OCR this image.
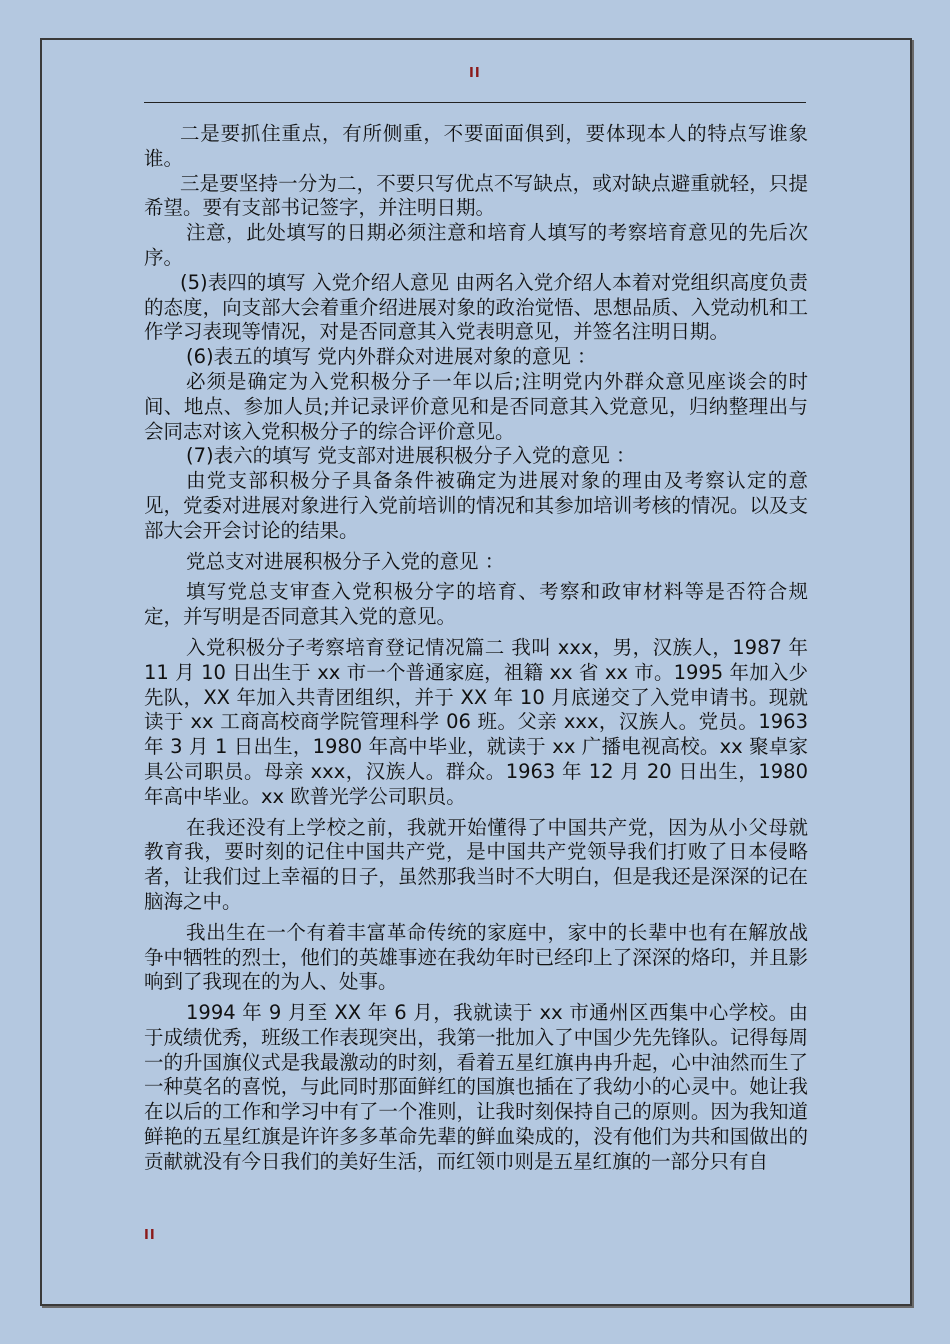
II

二是要抓住重点，有所侧重，不要面面俱到，要体现本人的特点写谁象谁。

三是要坚持一分为二，不要只写优点不写缺点，或对缺点避重就轻，只提希望。要有支部书记签字，并注明日期。

注意，此处填写的日期必须注意和培育人填写的考察培育意见的先后次序。

(5)表四的填写 入党介绍人意见 由两名入党介绍人本着对党组织高度负责的态度，向支部大会着重介绍进展对象的政治觉悟、思想品质、入党动机和工作学习表现等情况，对是否同意其入党表明意见，并签名注明日期。

(6)表五的填写 党内外群众对进展对象的意见 ：

必须是确定为入党积极分子一年以后;注明党内外群众意见座谈会的时间、地点、参加人员;并记录评价意见和是否同意其入党意见，归纳整理出与会同志对该入党积极分子的综合评价意见。

(7)表六的填写 党支部对进展积极分子入党的意见 ：

由党支部积极分子具备条件被确定为进展对象的理由及考察认定的意见，党委对进展对象进行入党前培训的情况和其参加培训考核的情况。以及支部大会开会讨论的结果。

党总支对进展积极分子入党的意见 ：

填写党总支审查入党积极分字的培育、考察和政审材料等是否符合规定，并写明是否同意其入党的意见。

入党积极分子考察培育登记情况篇二 我叫 xxx，男，汉族人，1987 年 11 月 10 日出生于 xx 市一个普通家庭，祖籍 xx 省 xx 市。1995 年加入少先队，XX 年加入共青团组织，并于 XX 年 10 月底递交了入党申请书。现就读于 xx 工商高校商学院管理科学 06 班。父亲 xxx，汉族人。党员。1963 年 3 月 1 日出生，1980 年高中毕业，就读于 xx 广播电视高校。xx 聚卓家具公司职员。母亲 xxx，汉族人。群众。1963 年 12 月 20 日出生，1980 年高中毕业。xx 欧普光学公司职员。

在我还没有上学校之前，我就开始懂得了中国共产党，因为从小父母就教育我，要时刻的记住中国共产党，是中国共产党领导我们打败了日本侵略者，让我们过上幸福的日子，虽然那我当时不大明白，但是我还是深深的记在脑海之中。

我出生在一个有着丰富革命传统的家庭中，家中的长辈中也有在解放战争中牺牲的烈士，他们的英雄事迹在我幼年时已经印上了深深的烙印，并且影响到了我现在的为人、处事。

1994 年 9 月至 XX 年 6 月，我就读于 xx 市通州区西集中心学校。由于成绩优秀，班级工作表现突出，我第一批加入了中国少先先锋队。记得每周一的升国旗仪式是我最激动的时刻，看着五星红旗冉冉升起，心中油然而生了一种莫名的喜悦，与此同时那面鲜红的国旗也插在了我幼小的心灵中。她让我在以后的工作和学习中有了一个准则，让我时刻保持自己的原则。因为我知道鲜艳的五星红旗是许许多多革命先辈的鲜血染成的，没有他们为共和国做出的贡献就没有今日我们的美好生活，而红领巾则是五星红旗的一部分只有自

II
